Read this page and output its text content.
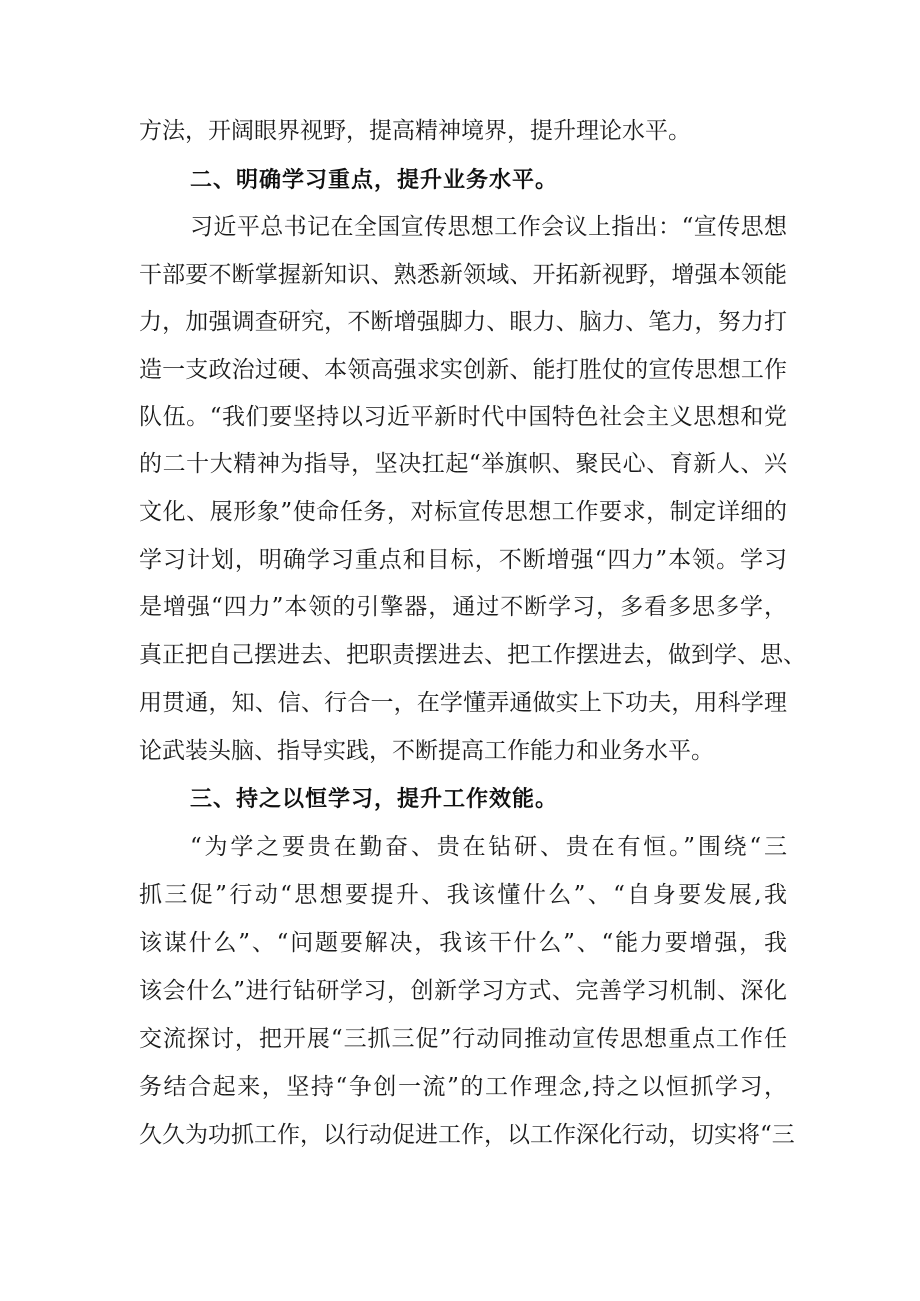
方法，开阔眼界视野，提高精神境界，提升理论水平。
二、明确学习重点，提升业务水平。
习近平总书记在全国宣传思想工作会议上指出：“宣传思想
干部要不断掌握新知识、熟悉新领域、开拓新视野，增强本领能
力，加强调查研究，不断增强脚力、眼力、脑力、笔力，努力打
造一支政治过硬、本领高强求实创新、能打胜仗的宣传思想工作
队伍。“我们要坚持以习近平新时代中国特色社会主义思想和党
的二十大精神为指导，坚决扛起“举旗帜、聚民心、育新人、兴
文化、展形象”使命任务，对标宣传思想工作要求，制定详细的
学习计划，明确学习重点和目标，不断增强“四力”本领。学习
是增强“四力”本领的引擎器，通过不断学习，多看多思多学，
真正把自己摆进去、把职责摆进去、把工作摆进去，做到学、思、
用贯通，知、信、行合一，在学懂弄通做实上下功夫，用科学理
论武装头脑、指导实践，不断提高工作能力和业务水平。
三、持之以恒学习，提升工作效能。
“为学之要贵在勤奋、贵在钻研、贵在有恒。”围绕“三
抓三促”行动“思想要提升、我该懂什么”、“自身要发展,我
该谋什么”、“问题要解决，我该干什么”、“能力要增强，我
该会什么”进行钻研学习，创新学习方式、完善学习机制、深化
交流探讨，把开展“三抓三促”行动同推动宣传思想重点工作任
务结合起来，坚持“争创一流”的工作理念,持之以恒抓学习，
久久为功抓工作，以行动促进工作，以工作深化行动，切实将“三
